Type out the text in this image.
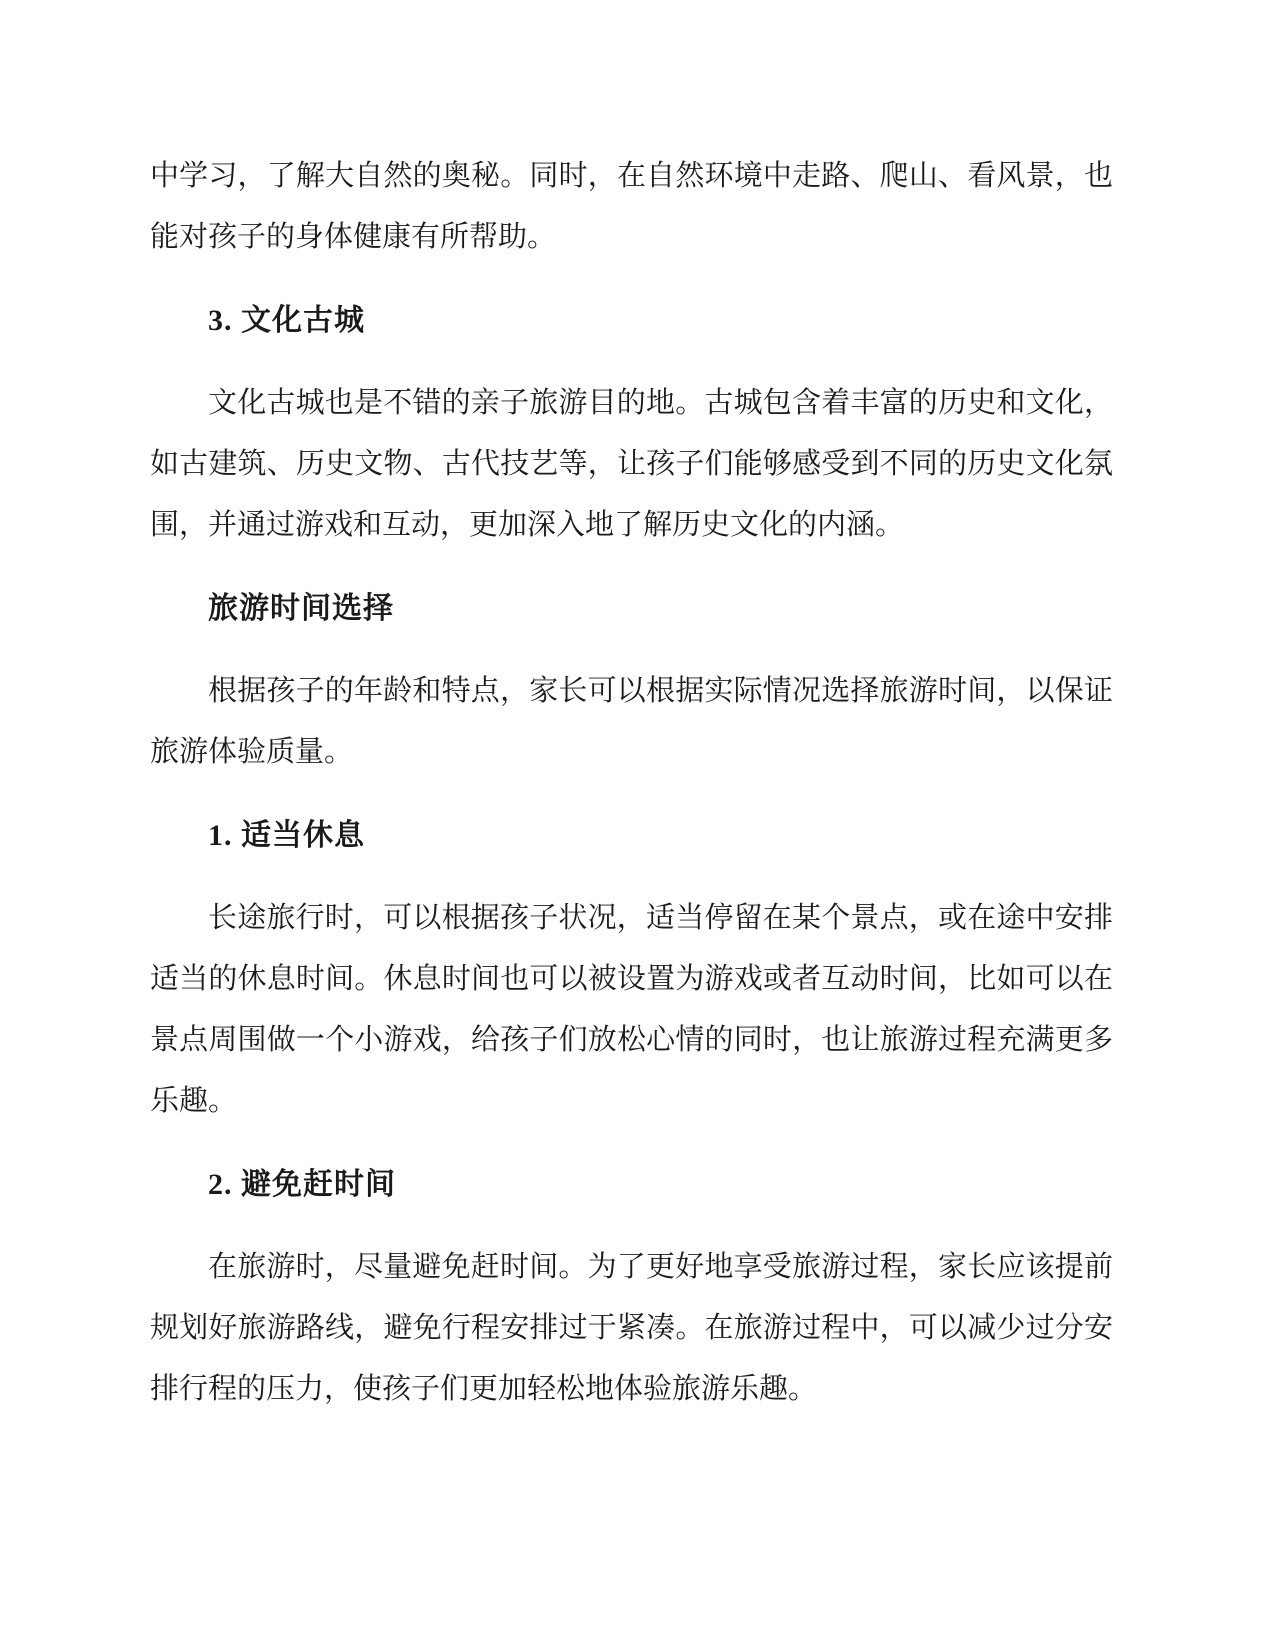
中学习，了解大自然的奥秘。同时，在自然环境中走路、爬山、看风景，也
能对孩子的身体健康有所帮助。
3. 文化古城
文化古城也是不错的亲子旅游目的地。古城包含着丰富的历史和文化，
如古建筑、历史文物、古代技艺等，让孩子们能够感受到不同的历史文化氛
围，并通过游戏和互动，更加深入地了解历史文化的内涵。
旅游时间选择
根据孩子的年龄和特点，家长可以根据实际情况选择旅游时间，以保证
旅游体验质量。
1. 适当休息
长途旅行时，可以根据孩子状况，适当停留在某个景点，或在途中安排
适当的休息时间。休息时间也可以被设置为游戏或者互动时间，比如可以在
景点周围做一个小游戏，给孩子们放松心情的同时，也让旅游过程充满更多
乐趣。
2. 避免赶时间
在旅游时，尽量避免赶时间。为了更好地享受旅游过程，家长应该提前
规划好旅游路线，避免行程安排过于紧凑。在旅游过程中，可以减少过分安
排行程的压力，使孩子们更加轻松地体验旅游乐趣。
